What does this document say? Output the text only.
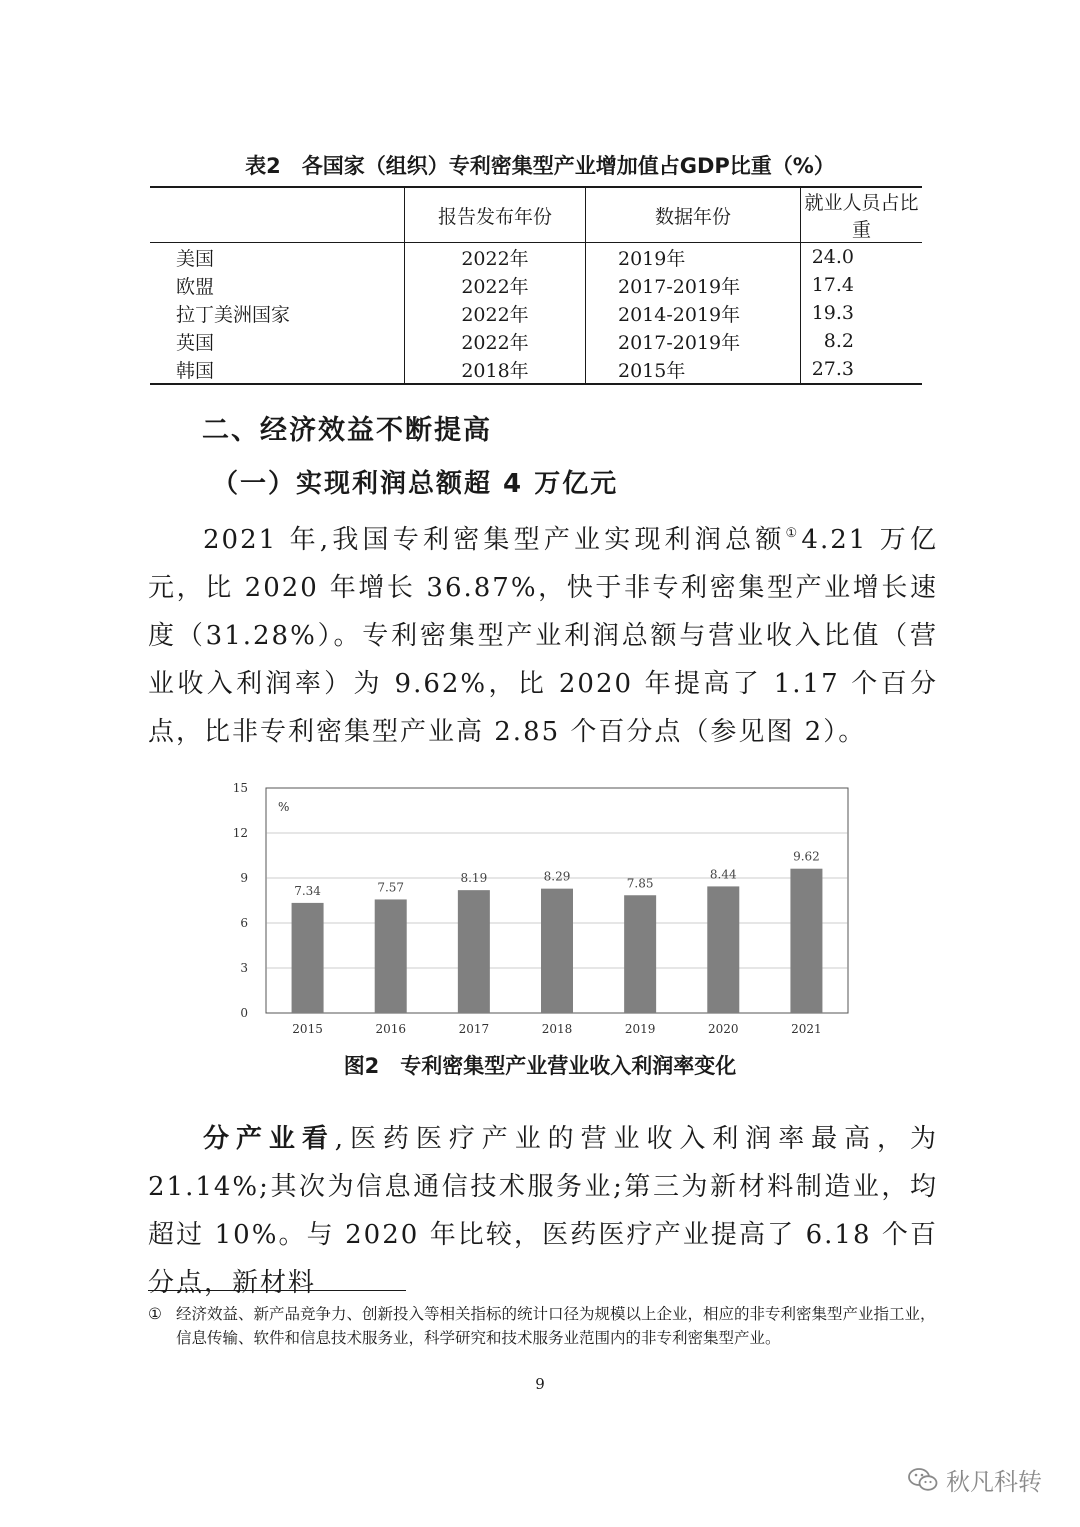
表2　各国家（组织）专利密集型产业增加值占GDP比重（%）
	报告发布年份	数据年份	就业人员占比重
美国	2022年	2019年	24.0
欧盟	2022年	2017-2019年	17.4
拉丁美洲国家	2022年	2014-2019年	19.3
英国	2022年	2017-2019年	8.2
韩国	2018年	2015年	27.3
二、经济效益不断提高
（一）实现利润总额超 4 万亿元
2021 年,我国专利密集型产业实现利润总额①4.21 万亿元，比 2020 年增长 36.87%，快于非专利密集型产业增长速度（31.28%）。专利密集型产业利润总额与营业收入比值（营业收入利润率）为 9.62%，比 2020 年提高了 1.17 个百分点，比非专利密集型产业高 2.85 个百分点（参见图 2）。
0
3
6
9
12
15
7.34	7.57
8.19	8.29	7.85
8.44
9.62
2015	2016	2017	2018	2019	2020	2021
%
图2　专利密集型产业营业收入利润率变化
分产业看,医药医疗产业的营业收入利润率最高，为 21.14%;其次为信息通信技术服务业;第三为新材料制造业，均超过 10%。与 2020 年比较，医药医疗产业提高了 6.18 个百分点，新材料
① 经济效益、新产品竞争力、创新投入等相关指标的统计口径为规模以上企业，相应的非专利密集型产业指工业，信息传输、软件和信息技术服务业，科学研究和技术服务业范围内的非专利密集型产业。
9
秋凡科转
